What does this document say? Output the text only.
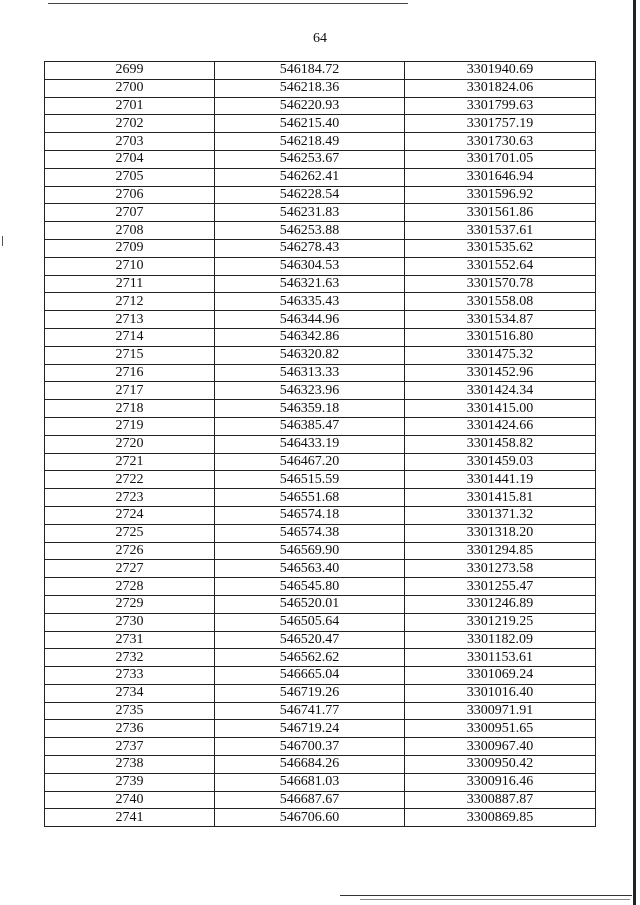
64
2699	546184.72	3301940.69
2700	546218.36	3301824.06
2701	546220.93	3301799.63
2702	546215.40	3301757.19
2703	546218.49	3301730.63
2704	546253.67	3301701.05
2705	546262.41	3301646.94
2706	546228.54	3301596.92
2707	546231.83	3301561.86
2708	546253.88	3301537.61
2709	546278.43	3301535.62
2710	546304.53	3301552.64
2711	546321.63	3301570.78
2712	546335.43	3301558.08
2713	546344.96	3301534.87
2714	546342.86	3301516.80
2715	546320.82	3301475.32
2716	546313.33	3301452.96
2717	546323.96	3301424.34
2718	546359.18	3301415.00
2719	546385.47	3301424.66
2720	546433.19	3301458.82
2721	546467.20	3301459.03
2722	546515.59	3301441.19
2723	546551.68	3301415.81
2724	546574.18	3301371.32
2725	546574.38	3301318.20
2726	546569.90	3301294.85
2727	546563.40	3301273.58
2728	546545.80	3301255.47
2729	546520.01	3301246.89
2730	546505.64	3301219.25
2731	546520.47	3301182.09
2732	546562.62	3301153.61
2733	546665.04	3301069.24
2734	546719.26	3301016.40
2735	546741.77	3300971.91
2736	546719.24	3300951.65
2737	546700.37	3300967.40
2738	546684.26	3300950.42
2739	546681.03	3300916.46
2740	546687.67	3300887.87
2741	546706.60	3300869.85
